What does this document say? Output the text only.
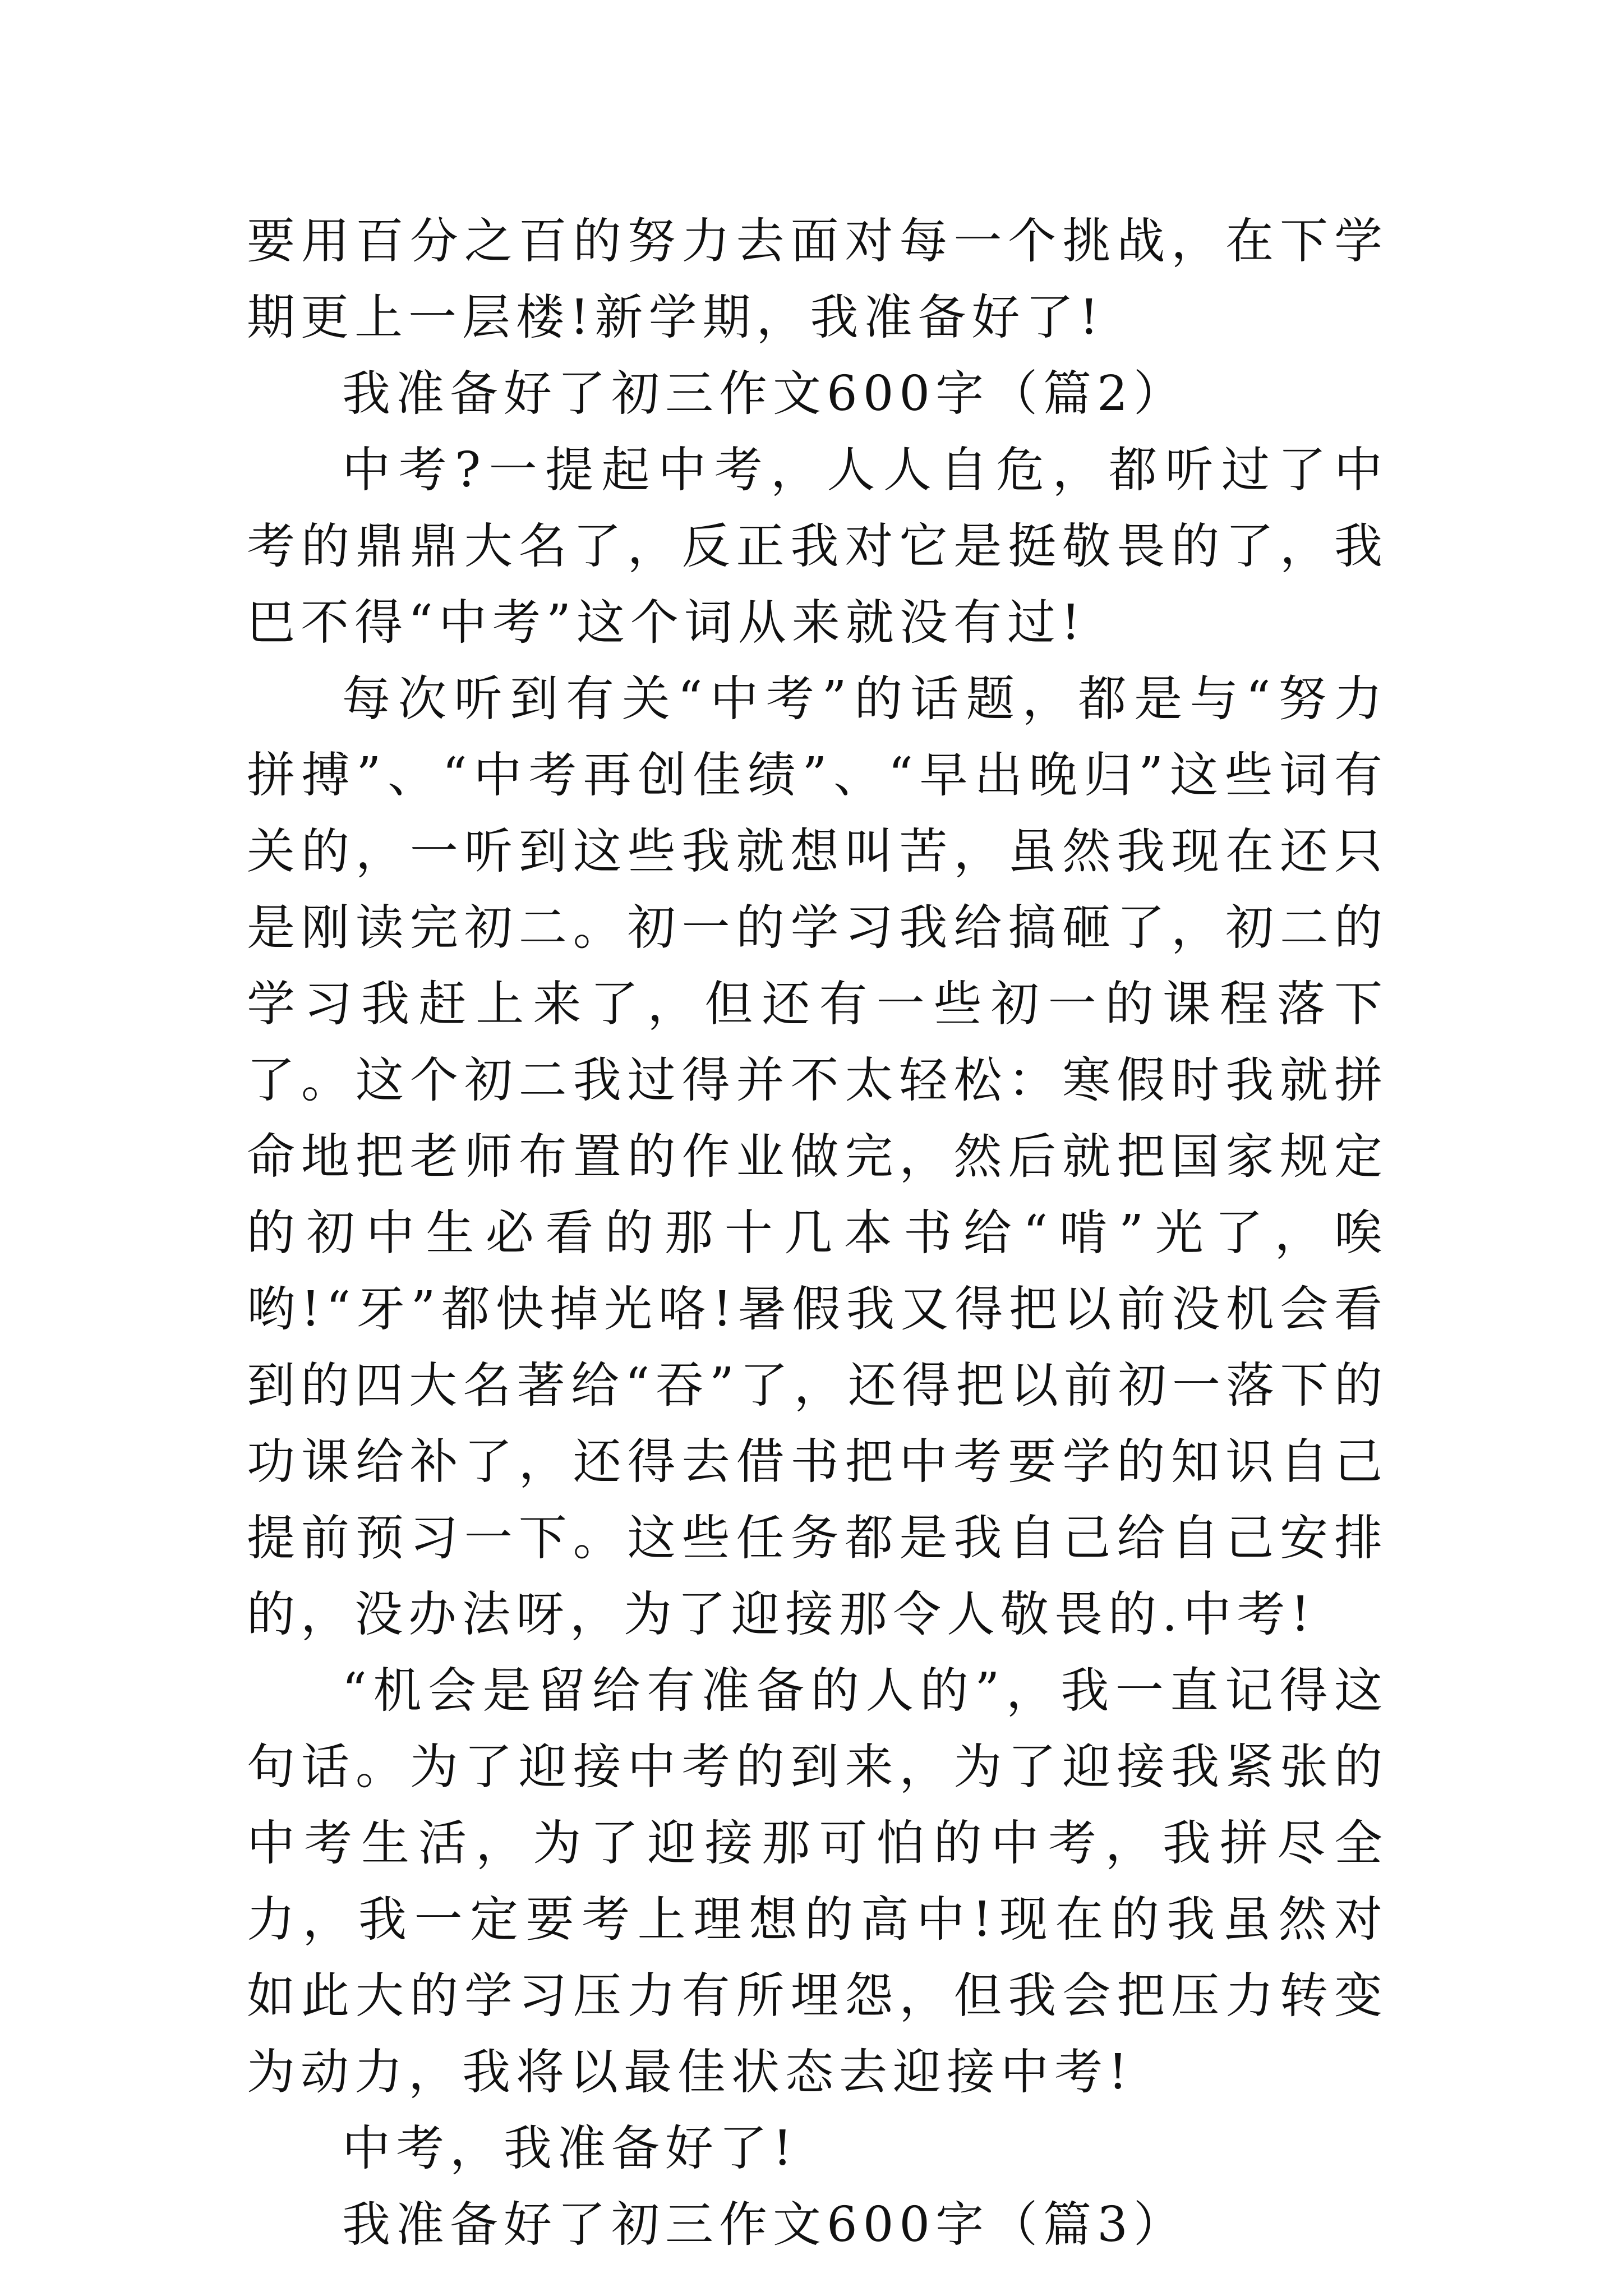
要用百分之百的努力去面对每一个挑战，在下学期更上一层楼!新学期，我准备好了!

我准备好了初三作文600字（篇2）

中考?一提起中考，人人自危，都听过了中考的鼎鼎大名了，反正我对它是挺敬畏的了，我巴不得“中考”这个词从来就没有过!

每次听到有关“中考”的话题，都是与“努力拼搏”、“中考再创佳绩”、“早出晚归”这些词有关的，一听到这些我就想叫苦，虽然我现在还只是刚读完初二。初一的学习我给搞砸了，初二的学习我赶上来了，但还有一些初一的课程落下了。这个初二我过得并不太轻松：寒假时我就拼命地把老师布置的作业做完，然后就把国家规定的初中生必看的那十几本书给“啃”光了，唉哟!“牙”都快掉光咯!暑假我又得把以前没机会看到的四大名著给“吞”了，还得把以前初一落下的功课给补了，还得去借书把中考要学的知识自己提前预习一下。这些任务都是我自己给自己安排的，没办法呀，为了迎接那令人敬畏的.中考!

“机会是留给有准备的人的”，我一直记得这句话。为了迎接中考的到来，为了迎接我紧张的中考生活，为了迎接那可怕的中考，我拼尽全力，我一定要考上理想的高中!现在的我虽然对如此大的学习压力有所埋怨，但我会把压力转变为动力，我将以最佳状态去迎接中考!

中考，我准备好了!

我准备好了初三作文600字（篇3）
